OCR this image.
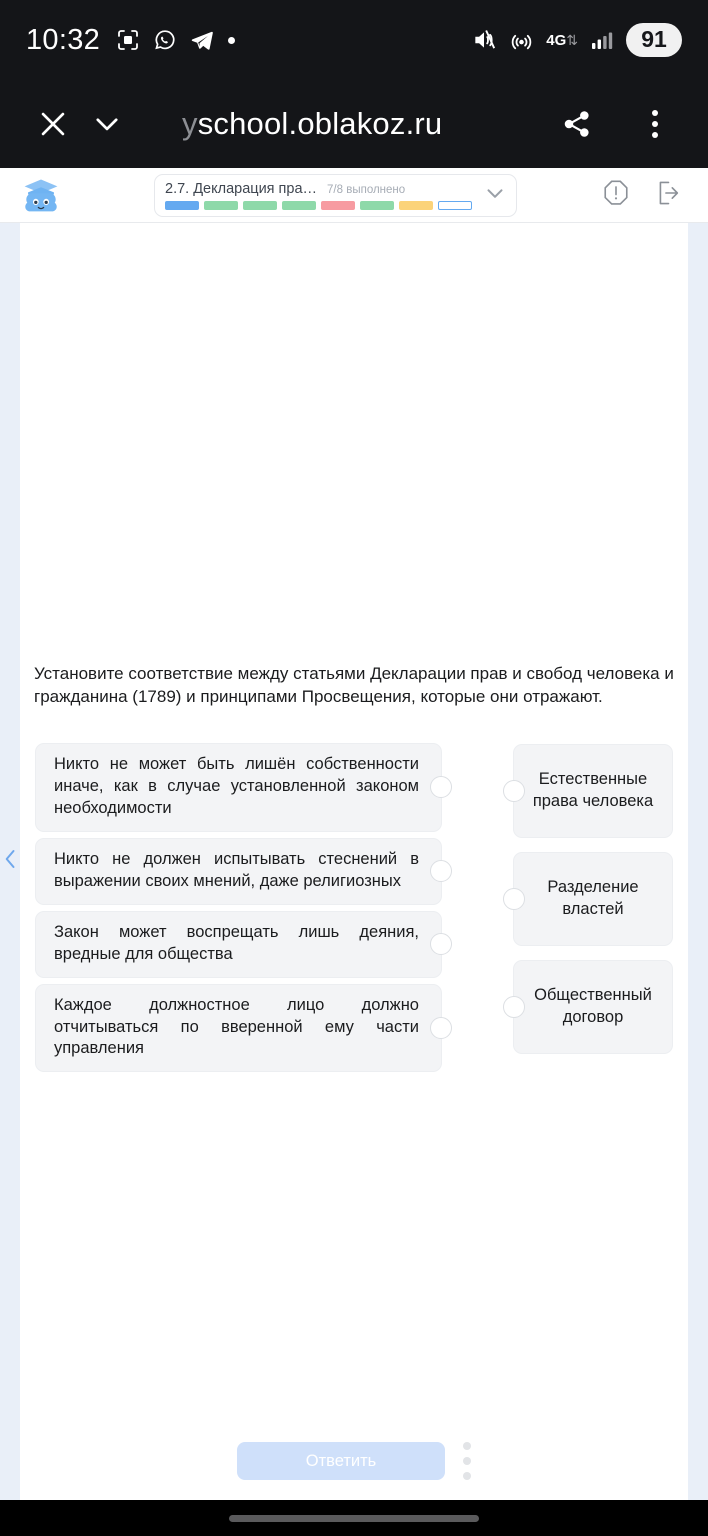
10:32	4G ⇅	91
yschool.oblakoz.ru
2.7. Декларация пра… 7/8 выполнено
Установите соответствие между статьями Декларации прав и свобод человека и гражданина (1789) и принципами Просвещения, которые они отражают.
Никто не может быть лишён собственности иначе, как в случае установленной законом необходимости
Никто не должен испытывать стеснений в выражении своих мнений, даже религиозных
Закон может воспрещать лишь деяния, вредные для общества
Каждое должностное лицо должно отчитываться по вверенной ему части управления
Естественные права человека
Разделение властей
Общественный договор
Ответить
